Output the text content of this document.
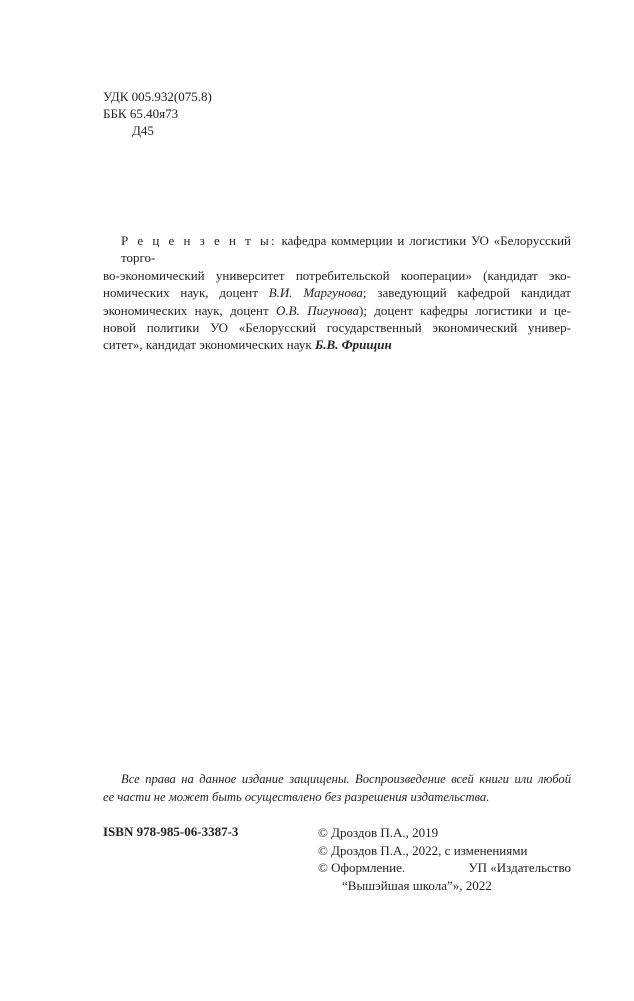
УДК 005.932(075.8)
ББК 65.40я73
Д45
Р е ц е н з е н т ы: кафедра коммерции и логистики УО «Белорусский торго-
во-экономический университет потребительской кооперации» (кандидат эко-
номических наук, доцент В.И. Маргунова; заведующий кафедрой кандидат
экономических наук, доцент О.В. Пигунова); доцент кафедры логистики и це-
новой политики УО «Белорусский государственный экономический универ-
ситет», кандидат экономических наук Б.В. Фрищин
Все права на данное издание защищены. Воспроизведение всей книги или любой
ее части не может быть осуществлено без разрешения издательства.
ISBN 978-985-06-3387-3	© Дроздов П.А., 2019
© Дроздов П.А., 2022, с изменениями
© Оформление.	УП «Издательство
“Вышэйшая школа”», 2022
